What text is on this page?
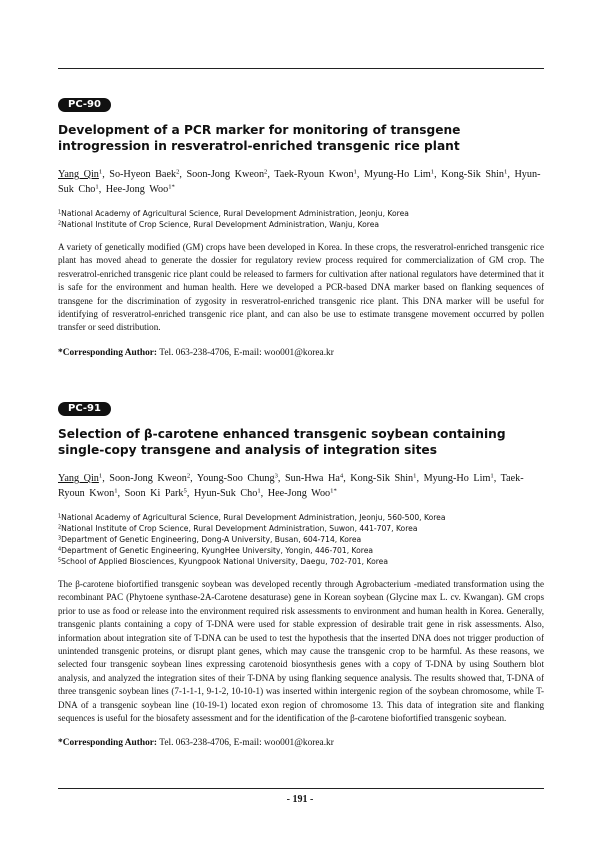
PC-90

Development of a PCR marker for monitoring of transgene introgression in resveratrol-enriched transgenic rice plant

Yang Qin$^1$, So-Hyeon Baek$^2$, Soon-Jong Kweon$^2$, Taek-Ryoun Kwon$^1$, Myung-Ho Lim$^1$, Kong-Sik Shin$^1$, Hyun-Suk Cho$^1$, Hee-Jong Woo$^{1*}$

$^1$National Academy of Agricultural Science, Rural Development Administration, Jeonju, Korea
$^2$National Institute of Crop Science, Rural Development Administration, Wanju, Korea

A variety of genetically modified (GM) crops have been developed in Korea. In these crops, the resveratrol-enriched transgenic rice plant has moved ahead to generate the dossier for regulatory review process required for commercialization of GM crop. The resveratrol-enriched transgenic rice plant could be released to farmers for cultivation after national regulators have determined that it is safe for the environment and human health. Here we developed a PCR-based DNA marker based on flanking sequences of transgene for the discrimination of zygosity in resveratrol-enriched transgenic rice plant. This DNA marker will be useful for identifying of resveratrol-enriched transgenic rice plant, and can also be use to estimate transgene movement occurred by pollen transfer or seed distribution.

*Corresponding Author: Tel. 063-238-4706, E-mail: woo001@korea.kr

PC-91

Selection of β-carotene enhanced transgenic soybean containing single-copy transgene and analysis of integration sites

Yang Qin$^1$, Soon-Jong Kweon$^2$, Young-Soo Chung$^3$, Sun-Hwa Ha$^4$, Kong-Sik Shin$^1$, Myung-Ho Lim$^1$, Taek-Ryoun Kwon$^1$, Soon Ki Park$^5$, Hyun-Suk Cho$^1$, Hee-Jong Woo$^{1*}$

$^1$National Academy of Agricultural Science, Rural Development Administration, Jeonju, 560-500, Korea
$^2$National Institute of Crop Science, Rural Development Administration, Suwon, 441-707, Korea
$^3$Department of Genetic Engineering, Dong-A University, Busan, 604-714, Korea
$^4$Department of Genetic Engineering, KyungHee University, Yongin, 446-701, Korea
$^5$School of Applied Biosciences, Kyungpook National University, Daegu, 702-701, Korea

The β-carotene biofortified transgenic soybean was developed recently through Agrobacterium -mediated transformation using the recombinant PAC (Phytoene synthase-2A-Carotene desaturase) gene in Korean soybean (Glycine max L. cv. Kwangan). GM crops prior to use as food or release into the environment required risk assessments to environment and human health in Korea. Generally, transgenic plants containing a copy of T-DNA were used for stable expression of desirable trait gene in risk assessments. Also, information about integration site of T-DNA can be used to test the hypothesis that the inserted DNA does not trigger production of unintended transgenic proteins, or disrupt plant genes, which may cause the transgenic crop to be harmful. As these reasons, we selected four transgenic soybean lines expressing carotenoid biosynthesis genes with a copy of T-DNA by using Southern blot analysis, and analyzed the integration sites of their T-DNA by using flanking sequence analysis. The results showed that, T-DNA of three transgenic soybean lines (7-1-1-1, 9-1-2, 10-10-1) was inserted within intergenic region of the soybean chromosome, while T-DNA of a transgenic soybean line (10-19-1) located exon region of chromosome 13. This data of integration site and flanking sequences is useful for the biosafety assessment and for the identification of the β-carotene biofortified transgenic soybean.

*Corresponding Author: Tel. 063-238-4706, E-mail: woo001@korea.kr

- 191 -
